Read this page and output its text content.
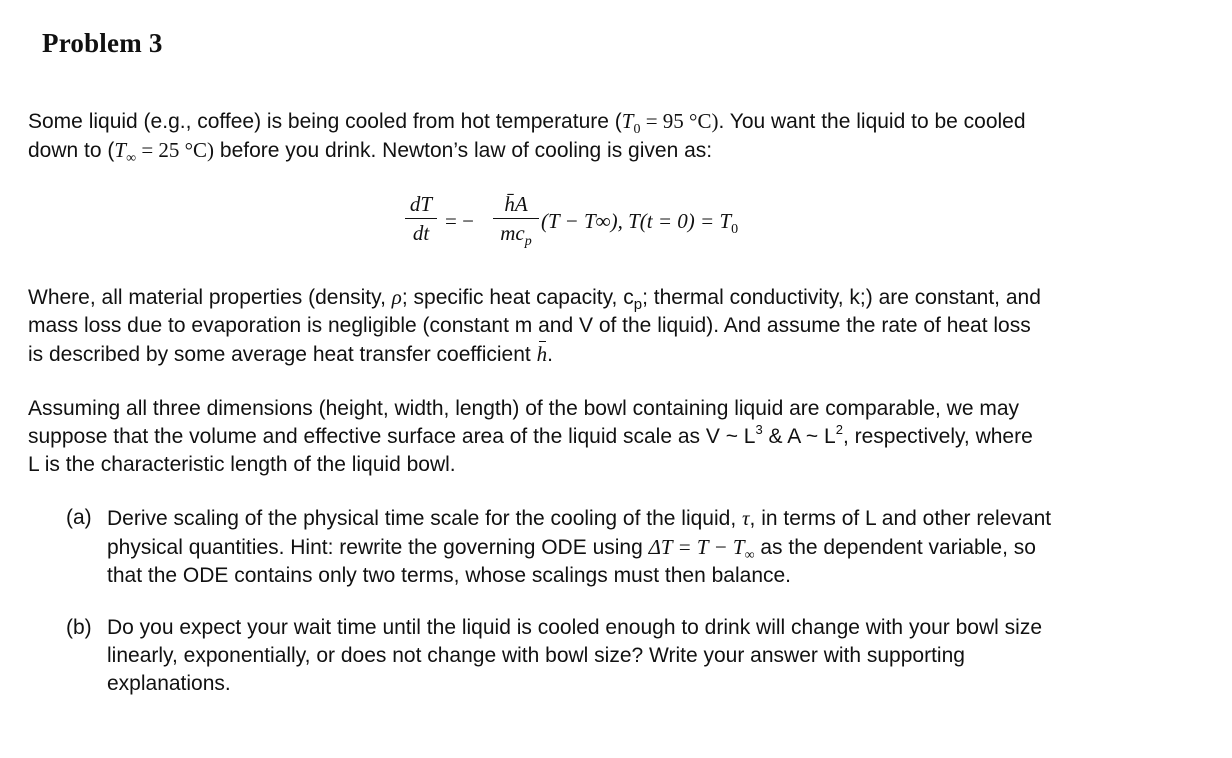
Problem 3
Some liquid (e.g., coffee) is being cooled from hot temperature ($T_0 = 95$ °C). You want the liquid to be cooled
down to ($T_\infty = 25$ °C) before you drink. Newton’s law of cooling is given as:
dT
dt = −
h̄A
$mc_p$
(T − T∞), $T(t = 0) = T_0$
Where, all material properties (density, ρ; specific heat capacity, $c_p$; thermal conductivity, k;) are constant, and
mass loss due to evaporation is negligible (constant m and V of the liquid). And assume the rate of heat loss
is described by some average heat transfer coefficient h.
Assuming all three dimensions (height, width, length) of the bowl containing liquid are comparable, we may
suppose that the volume and effective surface area of the liquid scale as V ~ $L^3$ & A ~ $L^2$, respectively, where
L is the characteristic length of the liquid bowl.
(a) Derive scaling of the physical time scale for the cooling of the liquid, τ, in terms of L and other relevant
physical quantities. Hint: rewrite the governing ODE using $\Delta T = T - T_\infty$ as the dependent variable, so
that the ODE contains only two terms, whose scalings must then balance.
(b) Do you expect your wait time until the liquid is cooled enough to drink will change with your bowl size
linearly, exponentially, or does not change with bowl size? Write your answer with supporting
explanations.
